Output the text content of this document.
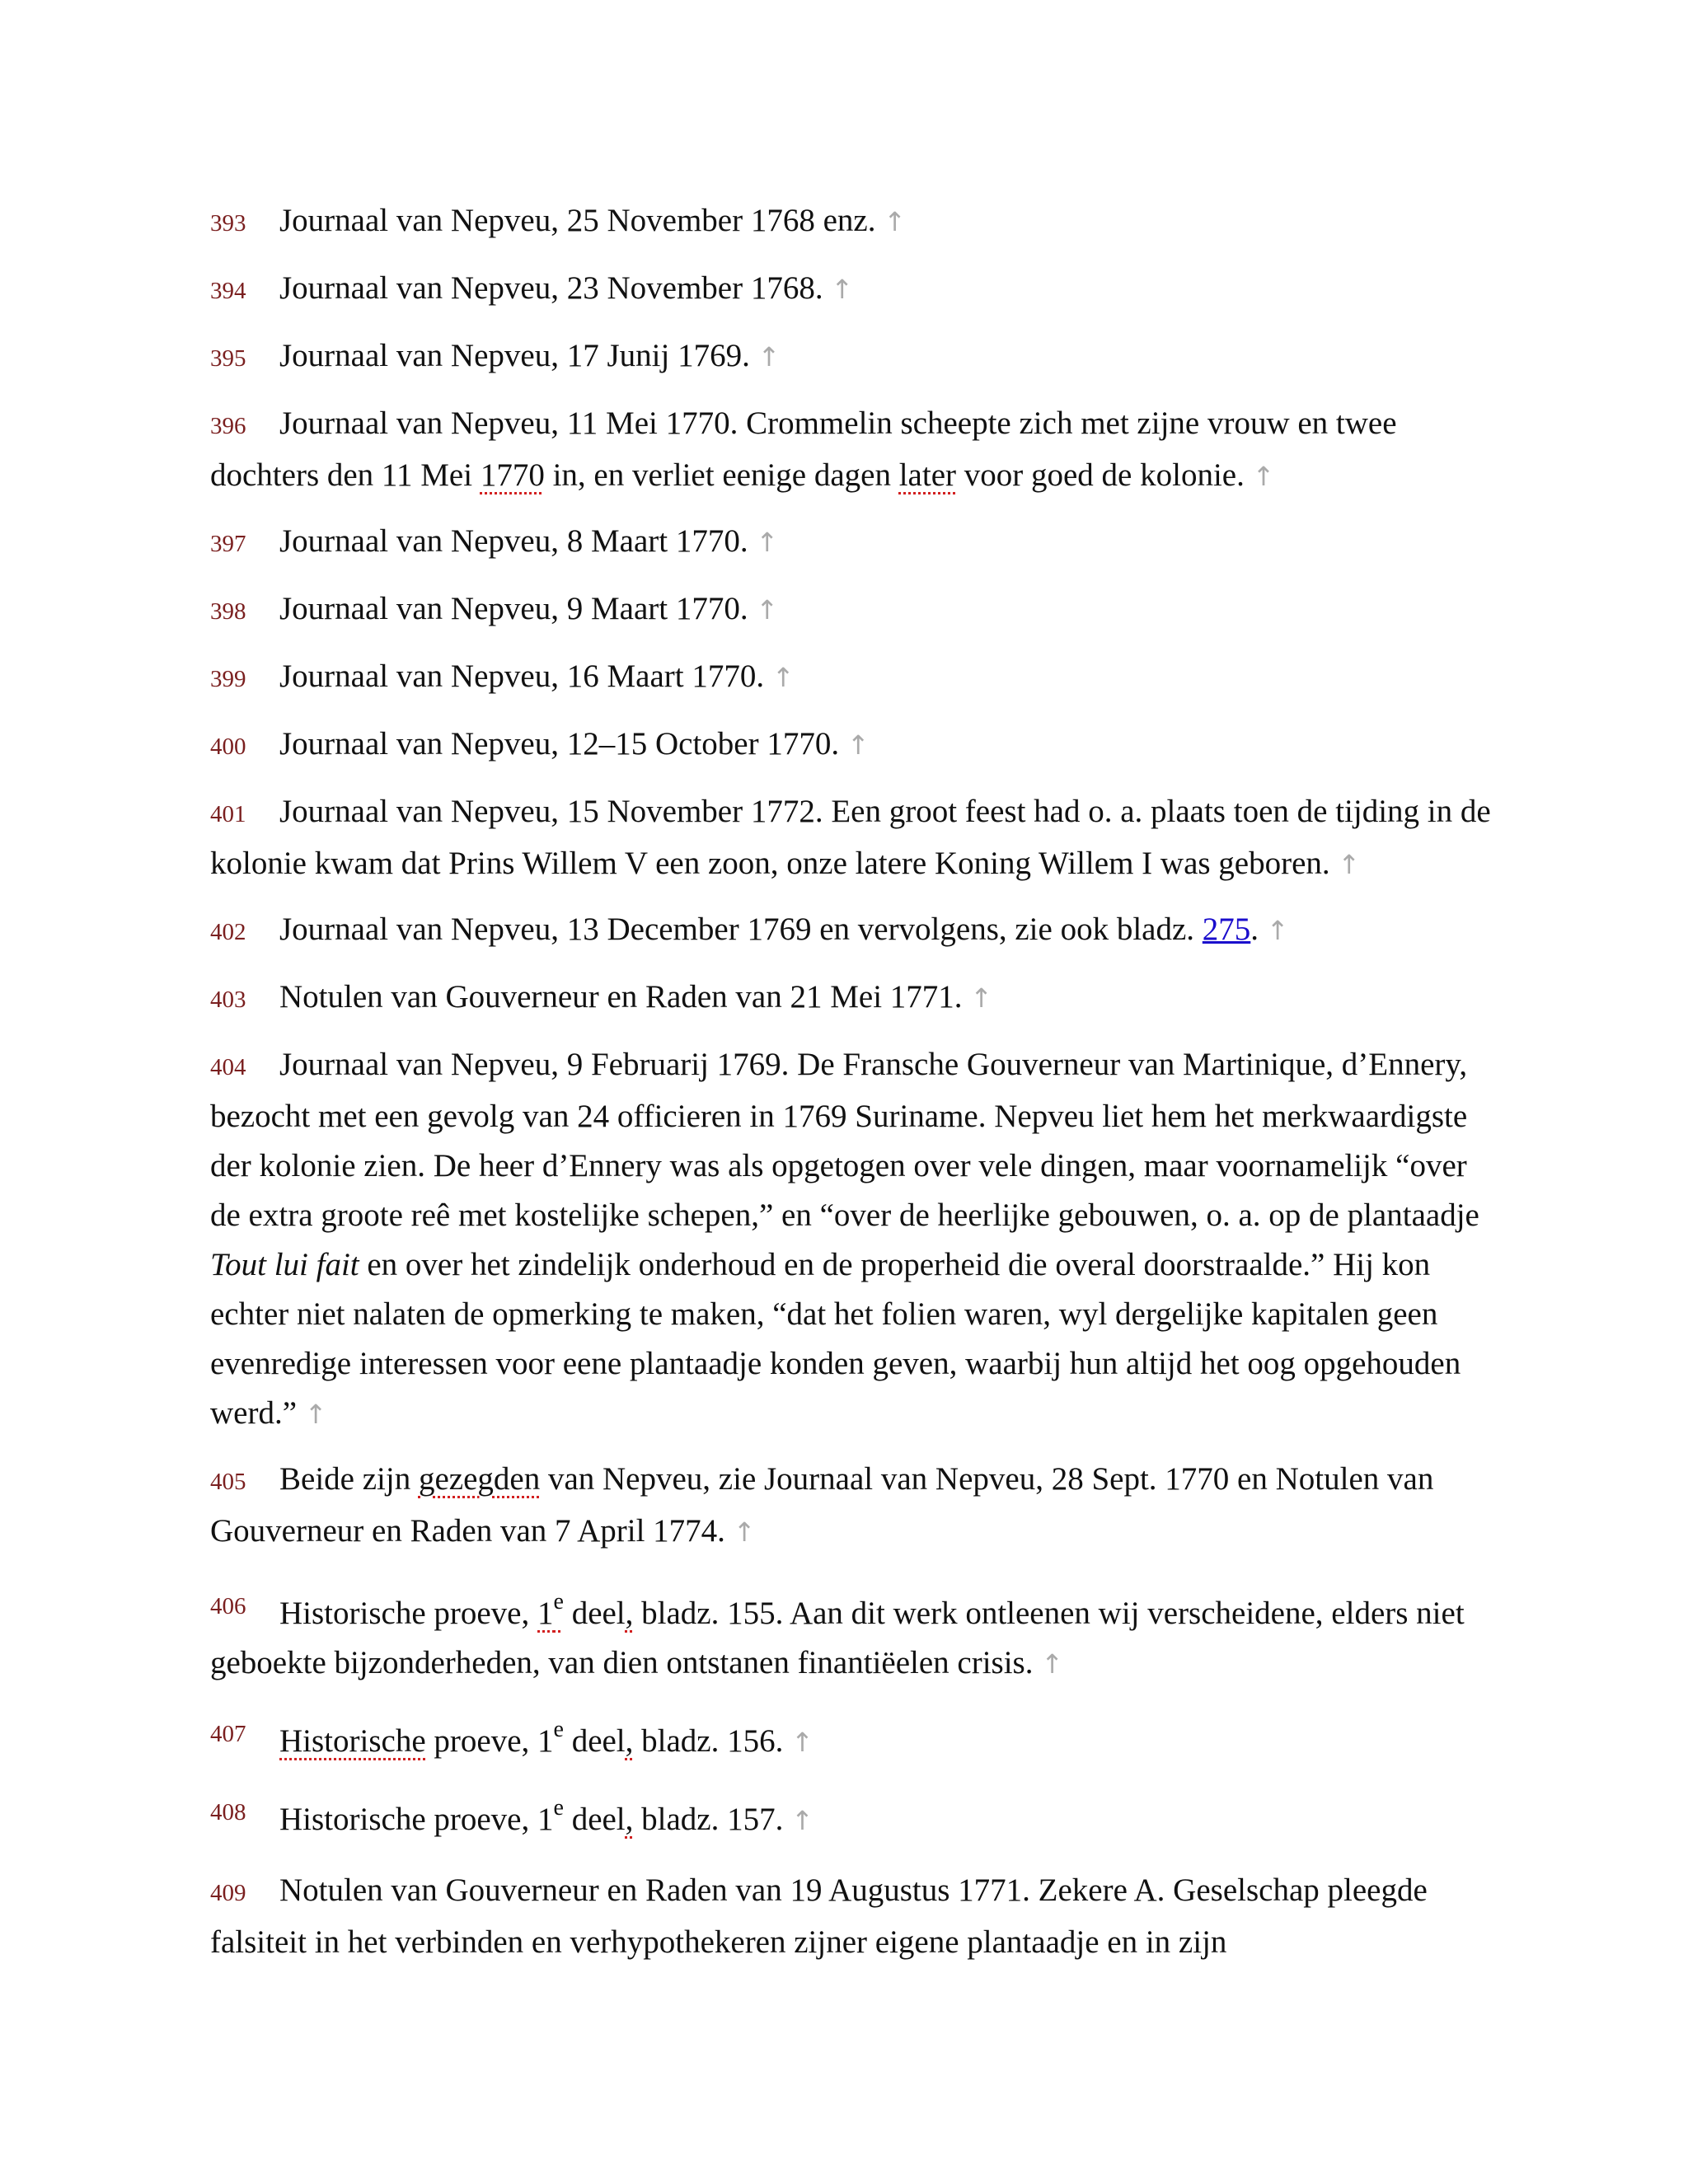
393 Journaal van Nepveu, 25 November 1768 enz. ↑

394 Journaal van Nepveu, 23 November 1768. ↑

395 Journaal van Nepveu, 17 Junij 1769. ↑

396 Journaal van Nepveu, 11 Mei 1770. Crommelin scheepte zich met zijne vrouw en twee dochters den 11 Mei 1770 in, en verliet eenige dagen later voor goed de kolonie. ↑

397 Journaal van Nepveu, 8 Maart 1770. ↑

398 Journaal van Nepveu, 9 Maart 1770. ↑

399 Journaal van Nepveu, 16 Maart 1770. ↑

400 Journaal van Nepveu, 12–15 October 1770. ↑

401 Journaal van Nepveu, 15 November 1772. Een groot feest had o. a. plaats toen de tijding in de kolonie kwam dat Prins Willem V een zoon, onze latere Koning Willem I was geboren. ↑

402 Journaal van Nepveu, 13 December 1769 en vervolgens, zie ook bladz. 275. ↑

403 Notulen van Gouverneur en Raden van 21 Mei 1771. ↑

404 Journaal van Nepveu, 9 Februarij 1769. De Fransche Gouverneur van Martinique, d’Ennery, bezocht met een gevolg van 24 officieren in 1769 Suriname. Nepveu liet hem het merkwaardigste der kolonie zien. De heer d’Ennery was als opgetogen over vele dingen, maar voornamelijk “over de extra groote reê met kostelijke schepen,” en “over de heerlijke gebouwen, o. a. op de plantaadje Tout lui fait en over het zindelijk onderhoud en de properheid die overal doorstraalde.” Hij kon echter niet nalaten de opmerking te maken, “dat het folien waren, wyl dergelijke kapitalen geen evenredige interessen voor eene plantaadje konden geven, waarbij hun altijd het oog opgehouden werd.” ↑

405 Beide zijn gezegden van Nepveu, zie Journaal van Nepveu, 28 Sept. 1770 en Notulen van Gouverneur en Raden van 7 April 1774. ↑

406 Historische proeve, 1e deel, bladz. 155. Aan dit werk ontleenen wij verscheidene, elders niet geboekte bijzonderheden, van dien ontstanen finantiëelen crisis. ↑

407 Historische proeve, 1e deel, bladz. 156. ↑

408 Historische proeve, 1e deel, bladz. 157. ↑

409 Notulen van Gouverneur en Raden van 19 Augustus 1771. Zekere A. Geselschap pleegde falsiteit in het verbinden en verhypothekeren zijner eigene plantaadje en in zijn
